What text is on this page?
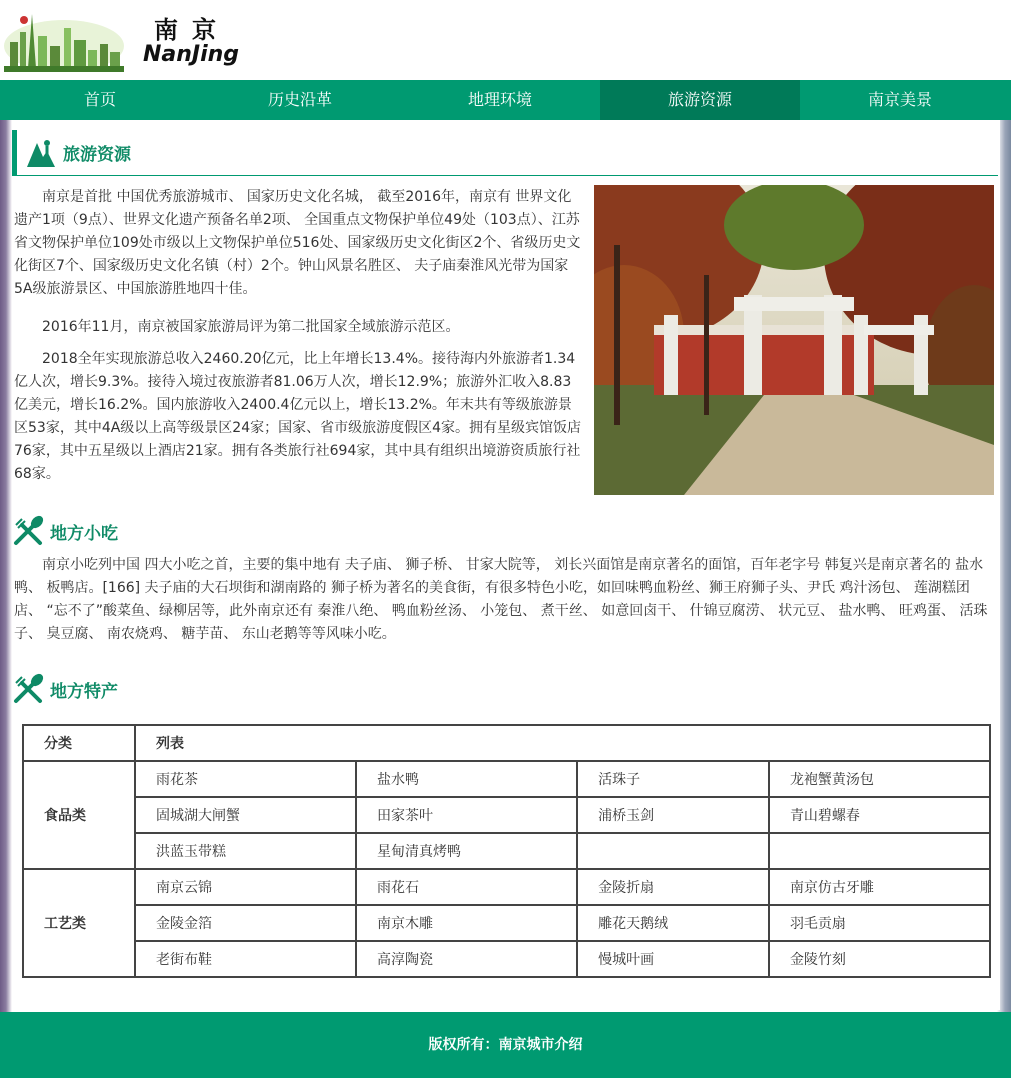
南京
NanJing
首页	历史沿革	地理环境	旅游资源	南京美景
旅游资源

南京是首批 中国优秀旅游城市、 国家历史文化名城， 截至2016年，南京有 世界文化遗产1项（9点）、世界文化遗产预备名单2项、 全国重点文物保护单位49处（103点）、江苏省文物保护单位109处市级以上文物保护单位516处、国家级历史文化街区2个、省级历史文化街区7个、国家级历史文化名镇（村）2个。钟山风景名胜区、 夫子庙秦淮风光带为国家5A级旅游景区、中国旅游胜地四十佳。

2016年11月，南京被国家旅游局评为第二批国家全域旅游示范区。

2018全年实现旅游总收入2460.20亿元，比上年增长13.4%。接待海内外旅游者1.34亿人次，增长9.3%。接待入境过夜旅游者81.06万人次，增长12.9%；旅游外汇收入8.83亿美元，增长16.2%。国内旅游收入2400.4亿元以上，增长13.2%。年末共有等级旅游景区53家，其中4A级以上高等级景区24家；国家、省市级旅游度假区4家。拥有星级宾馆饭店76家，其中五星级以上酒店21家。拥有各类旅行社694家，其中具有组织出境游资质旅行社68家。

地方小吃

南京小吃列中国 四大小吃之首，主要的集中地有 夫子庙、 狮子桥、 甘家大院等， 刘长兴面馆是南京著名的面馆，百年老字号 韩复兴是南京著名的 盐水鸭、 板鸭店。[166] 夫子庙的大石坝街和湖南路的 狮子桥为著名的美食街，有很多特色小吃，如回味鸭血粉丝、狮王府狮子头、尹氏 鸡汁汤包、 莲湖糕团店、 “忘不了”酸菜鱼、绿柳居等，此外南京还有 秦淮八绝、 鸭血粉丝汤、 小笼包、 煮干丝、 如意回卤干、 什锦豆腐涝、 状元豆、 盐水鸭、 旺鸡蛋、 活珠子、 臭豆腐、 南农烧鸡、 糖芋苗、 东山老鹅等等风味小吃。

地方特产
分类	列表			
食品类	雨花茶	盐水鸭	活珠子	龙袍蟹黄汤包
	固城湖大闸蟹	田家茶叶	浦桥玉剑	青山碧螺春
	洪蓝玉带糕	星甸清真烤鸭		
工艺类	南京云锦	雨花石	金陵折扇	南京仿古牙雕
	金陵金箔	南京木雕	雕花天鹅绒	羽毛贡扇
	老街布鞋	高淳陶瓷	慢城叶画	金陵竹刻
版权所有：南京城市介绍
